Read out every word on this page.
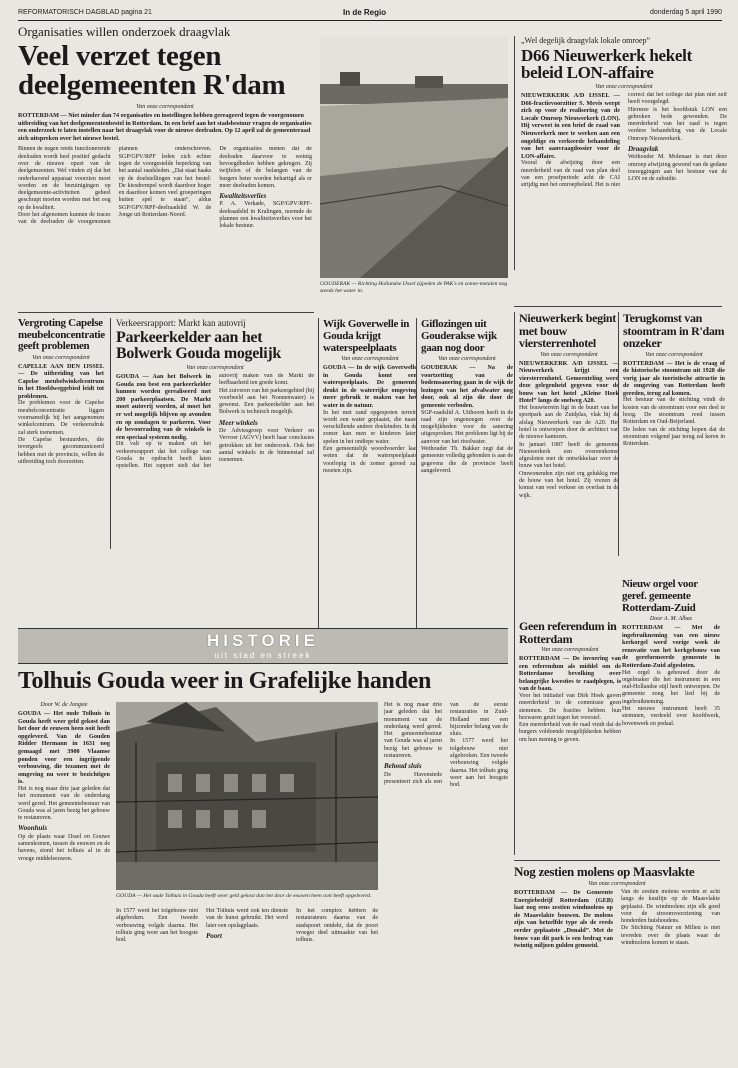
REFORMATORISCH DAGBLAD pagina 21	In de Regio	donderdag 5 april 1990
Organisaties willen onderzoek draagvlak
Veel verzet tegen deelgemeenten R'dam
Van onze correspondent
ROTTERDAM — Niet minder dan 74 organisaties en instellingen hebben gereageerd tegen de voorgenomen uitbreiding van het deelgemeentenbestel in Rotterdam. In een brief aan het stadsbestuur vragen de organisaties een onderzoek te laten instellen naar het draagvlak voor de nieuwe deelraden. Op 12 april zal de gemeenteraad zich uitspreken over het nieuwe bestel.

Binnen de negen reeds functionerende deelraden wordt heel positief gedacht over de nieuwe opzet van de deelgemeenten. Wel vinden zij dat het onderhavend apparaat voorzien moet worden en de bezuinigingen op deelgemeente-activiteiten geheel geschrapt moeten worden met het oog op de kwaliteit.

Door het afgenomen kunnen de traces van de deelraden de voorgenomen plannen onderschreven. SGP/GPV/RPF leden zich echter tegen de voorgestelde beperking van het aantal raadsleden. „Dat staat haaks op de doelstellingen van het bestel: De kiesdrempel wordt daardoor hoger en daardoor komen veel groeperingen buiten spel te staan”, aldus SGP/GPV/RPF-deelraadslid W. de Jonge uit Rotterdam-Noord.

De organisaties menen dat de deelraden daarvoor te weinig bevoegdheden hebben gekregen. Zij twijfelen of de belangen van de burgers beter worden behartigd als er meer deelraden komen.

Kwaliteitsverlies

P. A. Verkade, SGP/GPV/RPF-deelraadslid in Kralingen, noemde de plannen een kwaliteitsverlies voor het lokale bestuur.

GOUDERAK — Richting Hollandse IJssel zijpeden de PAK's en zonne-metalen nog steeds het water in.
„Wel degelijk draagvlak lokale omroep”
D66 Nieuwerkerk hekelt beleid LON-affaire
Van onze correspondent

NIEUWERKERK A/D IJSSEL — D66-fractievoorzitter S. Mevis werpt zich op voor de realisering van de Locale Omroep Nieuwerkerk (LON). Hij verweet in een brief de raad van Nieuwerkerk mee te werken aan een ongeldige en verkeerde behandeling van het aanvraagdossier voor de LON-affaire.

Vooral de afwijzing door een meerderheid van de raad van plan deel van een proefperiode acht de CAI strijdig met het omroepbeleid. Het is niet correct dat het college dat plan niet zelf heeft voorgelegd.

Hiermee is het hoofdstuk LON een gebroken bede gewonden. De meerderheid van het raad is tegen verdere behandeling van de Locale Omroep Nieuwerkerk.

Draagvlak

Wethouder M. Molenaar is met deze omroep afwijzing gewend van de gedane toezeggingen aan het bestuur van de LON en de subsidie.

Vergroting Capelse meubelconcentratie geeft problemen
Van onze correspondent

CAPELLE AAN DEN IJSSEL — De uitbreiding van het Capelse meubelwinkelcentrum in het Hoofdweggebied leidt tot problemen.

De problemen voor de Capelse meubelconcentratie liggen voornamelijk bij het aangenomen winkelcentrum. De verkeersdruk zal sterk toenemen.

De Capelse bestuurders, die tevergeefs gecommuniceerd hebben met de provincie, willen de uitbreiding toch doorzetten.

Verkeersrapport: Markt kan autovrij
Parkeerkelder aan het Bolwerk Gouda mogelijk
Van onze correspondent

GOUDA — Aan het Bolwerk in Gouda zou best een parkeerkelder kunnen worden gerealiseerd met 200 parkeerplaatsen. De Markt moet autovrij worden, al moet het er wel mogelijk blijven op avonden en op zondagen te parkeren. Voor de bevoorrading van de winkels is een speciaal systeem nodig.

Dit valt op te maken uit het verkeersrapport dat het college van Gouda in opdracht heeft laten opstellen. Het rapport stelt dat het autovrij maken van de Markt de leefbaarheid ten goede komt.

Het zuiveren van het parkeergebied (bij voorbeeld aan het Nonnenwater) is gewenst. Een parkeerkelder aan het Bolwerk is technisch mogelijk.

Meer winkels

De Adviesgroep voor Verkeer en Vervoer (AGVV) heeft haar conclusies getrokken uit het onderzoek. Ook het aantal winkels in de binnenstad zal toenemen.

Wijk Goverwelle in Gouda krijgt waterspeelplaats
Van onze correspondent

GOUDA — In de wijk Goverwelle in Gouda komt een waterspeelplaats. De gemeente denkt in de waterrijke omgeving meer gebruik te maken van het water in de natuur.

In het met zand opgespoten terrein wordt een water geplaatst, die naast verschillende andere doeleinden. In de zomer kan men er kinderen laten spelen in het ondiepe water.

Een gemeentelijk woordvoerder laat weten dat de waterspeelplaats voorlopig in de zomer gereed zal moeten zijn.

Giflozingen uit Gouderakse wijk gaan nog door
Van onze correspondent

GOUDERAK — Na de voortzetting van de bodemsanering gaan in de wijk de lozingen van het afvalwater nog door, ook al zijn die door de gemeente verboden.

SGP-raadslid A. Uithoorn heeft in de raad zijn ongenoegen over de mogelijkheden voor de sanering uitgesproken. Het probleem ligt bij de aanvoer van het rioolwater.

Wethouder Th. Bakker zegt dat de gemeente volledig gebonden is aan de gegevens die de provincie heeft aangeleverd.

Nieuwerkerk begint met bouw viersterrenhotel
Van onze correspondent

NIEUWERKERK A/D IJSSEL — Nieuwerkerk krijgt een viersterrenhotel. Gemeenteling werd deze gelegenheid gegeven voor de bouw van het hotel „Kleine Hoek Hotel” langs de snelweg A20.

Het bouwterrein ligt in de buurt van het sportpark aan de Zuidplas, vlak bij de afslag Nieuwerkerk van de A20. Het hotel is ontworpen door de architect van de nieuwe kantoren.

In januari 1987 heeft de gemeente Nieuwerkerk een overeenkomst afgesloten met de ontwikkelaar over de bouw van het hotel.

Omwonenden zijn niet erg gelukkig met de bouw van het hotel. Zij vrezen de komst van veel verkeer en overlast in de wijk.

Terugkomst van stoomtram in R'dam onzeker
Van onze correspondent

ROTTERDAM — Het is de vraag of de historische stoomtram uit 1928 die vorig jaar als toeristische attractie in de omgeving van Rotterdam heeft gereden, terug zal komen.

Het bestuur van de stichting vindt de kosten van de stoomtram voor een deel te hoog. De stoomtram reed tussen Rotterdam en Oud-Beijerland.

De leden van de stichting hopen dat de stoomtram volgend jaar terug zal keren in Rotterdam.

Nieuw orgel voor geref. gemeente Rotterdam-Zuid
Door A. M. Albas

ROTTERDAM — Met de ingebruikneming van een nieuw kerkorgel werd vorige week de renovatie van het kerkgebouw van de gereformeerde gemeente in Rotterdam-Zuid afgesloten.

Het orgel is gebouwd door de orgelmaker die het instrument in een oud-Hollandse stijl heeft ontworpen. De gemeente zong het lied bij de ingebruikneming.

Het nieuwe instrument heeft 35 stemmen, verdeeld over hoofdwerk, bovenwerk en pedaal.

HISTORIE
uit stad en streek
Tolhuis Gouda weer in Grafelijke handen
Door W. de Jongste

GOUDA — Het oude Tolhuis in Gouda heeft weer geld gekost dan het door de eeuwen heen ooit heeft opgeleverd. Van de Gouden Ridder Hermann in 1631 nog gemaagd met 3900 Vlaamse ponden voor een ingrijpende verbouwing, die tezamen met de omgeving nu weer te bezichtigen is.

Het is nog maar drie jaar geleden dat het monument van de onderdang werd gered. Het gemeentebestuur van Gouda was al jaren bezig het gebouw te restaureren.

Woonhuis

Op de plaats waar IJssel en Gouwe samenkomen, tussen de eeuwen en de havens, stond het tolhuis al in de vroege middeleeuwen.

GOUDA — Het oude Tolhuis in Gouda heeft weer geld gekost dan het door de eeuwen heen ooit heeft opgeleverd.

In 1577 werd het tolgebouw niet afgebroken. Een tweede verbouwing volgde daarna. Het tolhuis ging weer aan het hoogste bod.

Het Tolhuis werd ook ten dienste van de kunst gebruikt. Het werd later een opslagplaats.

Poort

In het complex hebben de restaurateurs daarna van de stadspoort ontdekt, dat de poort vroeger deel uitmaakte van het tolhuis.

Het is nog maar drie jaar geleden dat het monument van de onderdang werd gered. Het gemeentebestuur van Gouda was al jaren bezig het gebouw te restaureren.

Behoud sluis

De Havenstede presenteert zich als een van de eerste restauraties in Zuid-Holland met een bijzonder belang van de sluis.

In 1577 werd het tolgebouw niet afgebroken. Een tweede verbouwing volgde daarna. Het tolhuis ging weer aan het hoogste bod.

Geen referendum in Rotterdam
Van onze correspondent

ROTTERDAM — De invoering van een referendum als middel om de Rotterdamse bevolking over belangrijke kwesties te raadplegen, is van de baan.

Voor het initiatief van Dirk Hoek gaven meerderheid in de commissie geen stemmen. De fracties hebben hun bezwaren geuit tegen het voorstel.

Een meerderheid van de raad vindt dat de burgers voldoende mogelijkheden hebben om hun mening te geven.

Nog zestien molens op Maasvlakte
Van onze correspondent

ROTTERDAM — De Gemeente Energiebedrijf Rotterdam (GEB) laat nog eens zestien windmolens op de Maasvlakte bouwen. De molens zijn van hetzelfde type als de reeds eerder geplaatste „Donald”. Met de bouw van dit park is een bedrag van twintig miljoen gulden gemoeid.

Van de zestien molens worden er acht langs de kustlijn op de Maasvlakte geplaatst. De windmolens zijn elk goed voor de stroomvoorziening van honderden huishoudens.

De Stichting Natuur en Milieu is niet tevreden over de plaats waar de windmolens komen te staan.
